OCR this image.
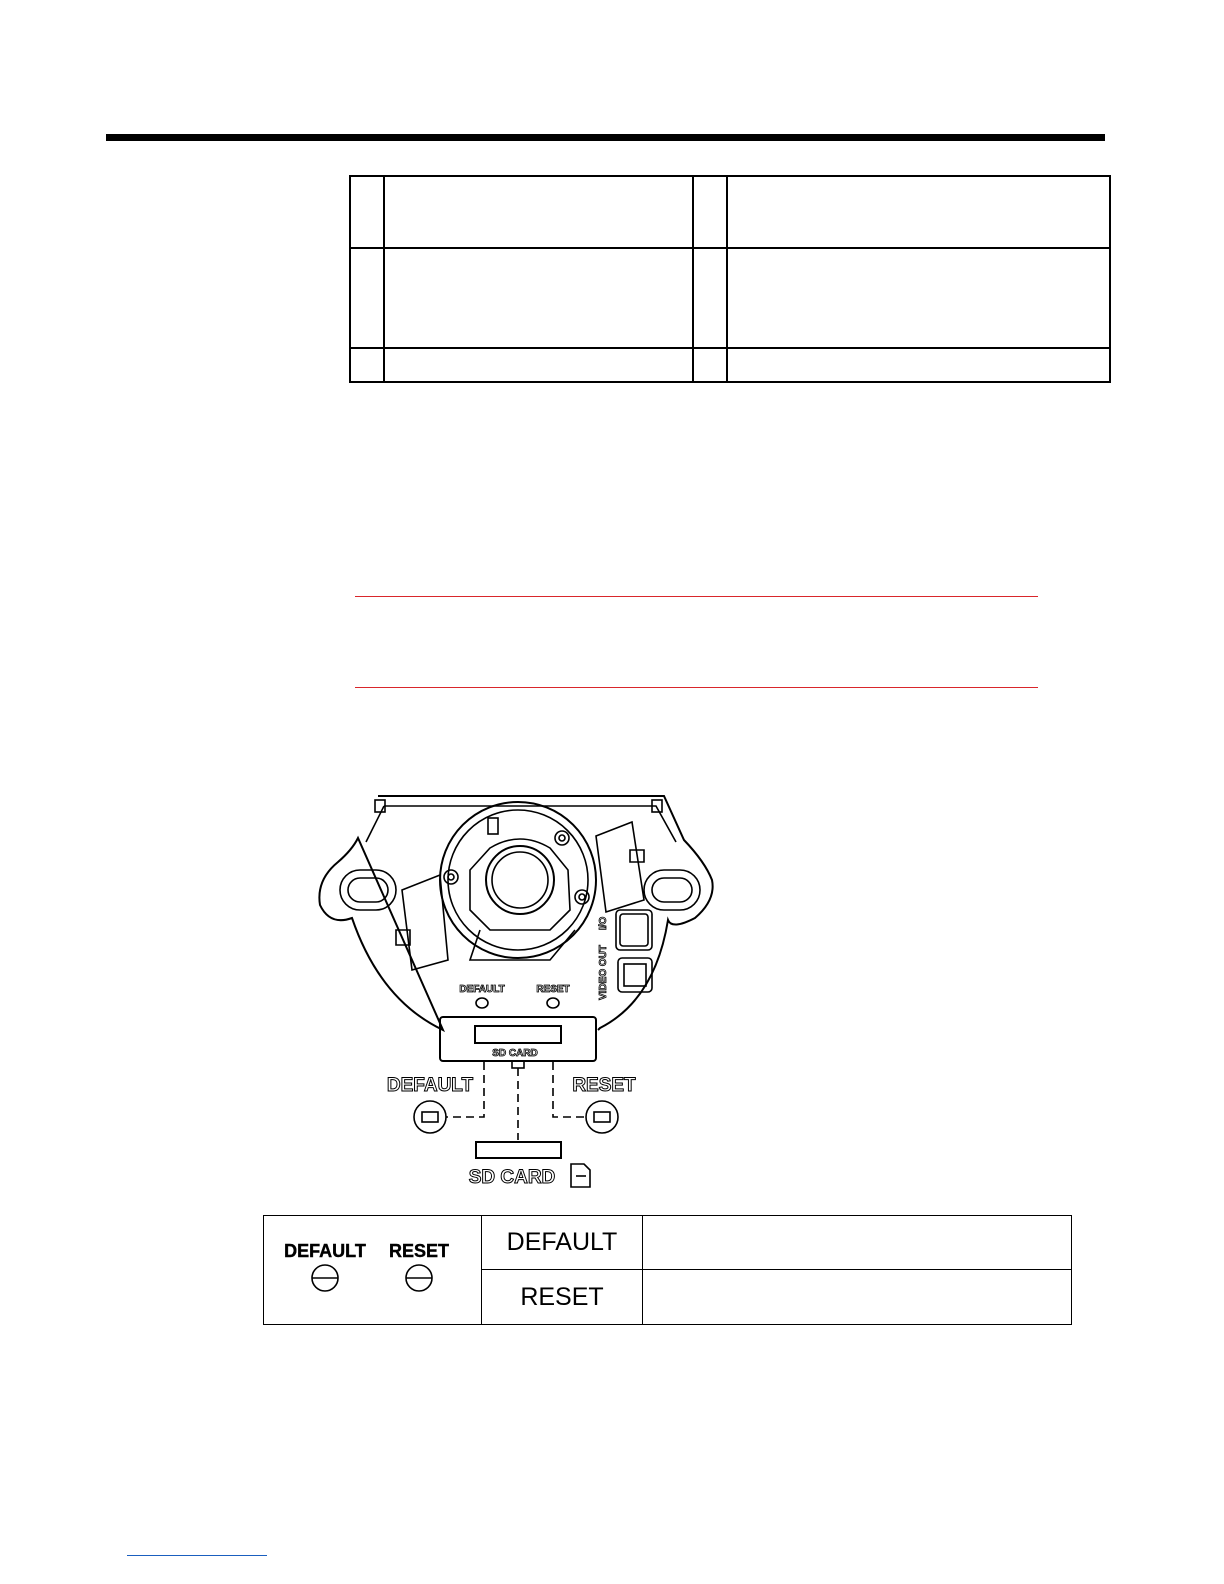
DEFAULT	RESET
SD CARD
VIDEO OUT
I/O
DEFAULT	RESET
SD CARD
DEFAULT RESET	DEFAULT	
	RESET	
